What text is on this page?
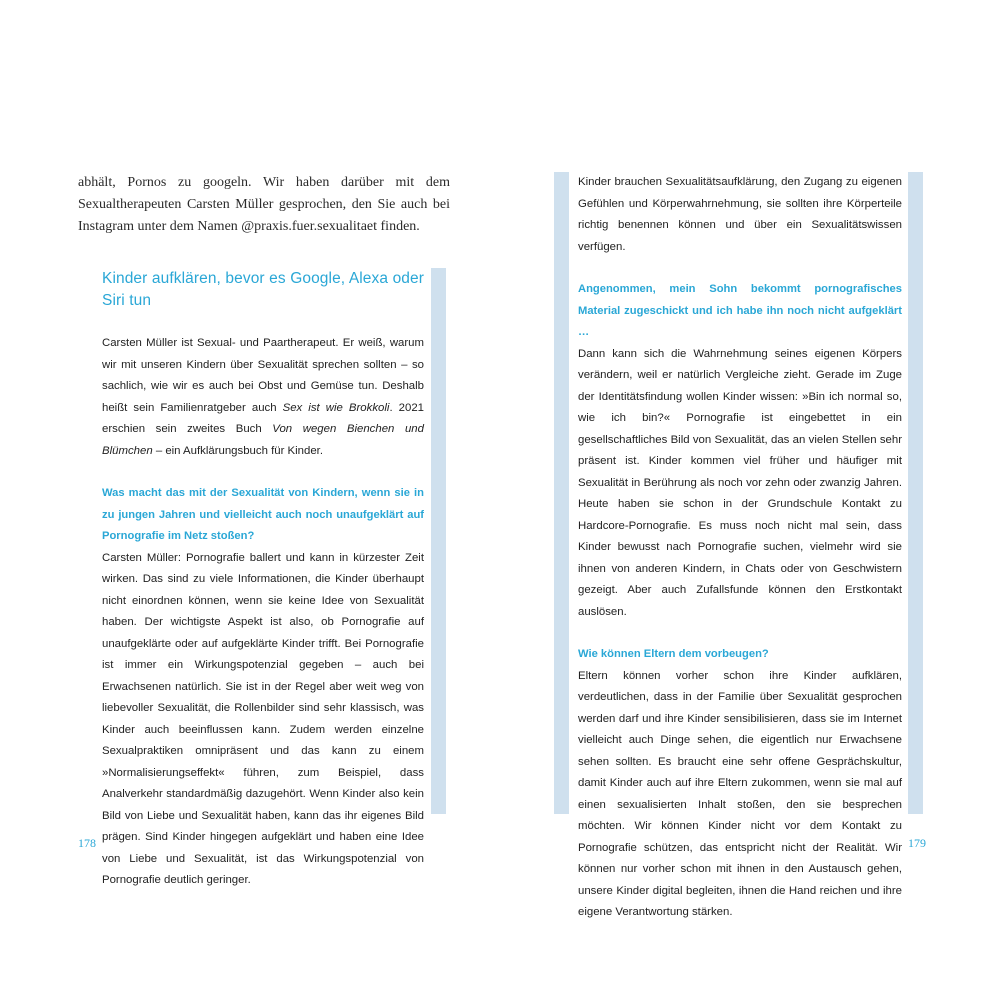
abhält, Pornos zu googeln. Wir haben darüber mit dem Sexualtherapeuten Carsten Müller gesprochen, den Sie auch bei Instagram unter dem Namen @praxis.fuer.sexualitaet finden.

Kinder aufklären, bevor es Google, Alexa oder Siri tun

Carsten Müller ist Sexual- und Paartherapeut. Er weiß, warum wir mit unseren Kindern über Sexualität sprechen sollten – so sachlich, wie wir es auch bei Obst und Gemüse tun. Deshalb heißt sein Familienratgeber auch Sex ist wie Brokkoli. 2021 erschien sein zweites Buch Von wegen Bienchen und Blümchen – ein Aufklärungsbuch für Kinder.

Was macht das mit der Sexualität von Kindern, wenn sie in zu jungen Jahren und vielleicht auch noch unaufgeklärt auf Pornografie im Netz stoßen?

Carsten Müller: Pornografie ballert und kann in kürzester Zeit wirken. Das sind zu viele Informationen, die Kinder überhaupt nicht einordnen können, wenn sie keine Idee von Sexualität haben. Der wichtigste Aspekt ist also, ob Pornografie auf unaufgeklärte oder auf aufgeklärte Kinder trifft. Bei Pornografie ist immer ein Wirkungspotenzial gegeben – auch bei Erwachsenen natürlich. Sie ist in der Regel aber weit weg von liebevoller Sexualität, die Rollenbilder sind sehr klassisch, was Kinder auch beeinflussen kann. Zudem werden einzelne Sexualpraktiken omnipräsent und das kann zu einem »Normalisierungseffekt« führen, zum Beispiel, dass Analverkehr standardmäßig dazugehört. Wenn Kinder also kein Bild von Liebe und Sexualität haben, kann das ihr eigenes Bild prägen. Sind Kinder hingegen aufgeklärt und haben eine Idee von Liebe und Sexualität, ist das Wirkungspotenzial von Pornografie deutlich geringer.

178

Kinder brauchen Sexualitätsaufklärung, den Zugang zu eigenen Gefühlen und Körperwahrnehmung, sie sollten ihre Körperteile richtig benennen können und über ein Sexualitätswissen verfügen.

Angenommen, mein Sohn bekommt pornografisches Material zugeschickt und ich habe ihn noch nicht aufgeklärt …

Dann kann sich die Wahrnehmung seines eigenen Körpers verändern, weil er natürlich Vergleiche zieht. Gerade im Zuge der Identitätsfindung wollen Kinder wissen: »Bin ich normal so, wie ich bin?« Pornografie ist eingebettet in ein gesellschaftliches Bild von Sexualität, das an vielen Stellen sehr präsent ist. Kinder kommen viel früher und häufiger mit Sexualität in Berührung als noch vor zehn oder zwanzig Jahren. Heute haben sie schon in der Grundschule Kontakt zu Hardcore-Pornografie. Es muss noch nicht mal sein, dass Kinder bewusst nach Pornografie suchen, vielmehr wird sie ihnen von anderen Kindern, in Chats oder von Geschwistern gezeigt. Aber auch Zufallsfunde können den Erstkontakt auslösen.

Wie können Eltern dem vorbeugen?

Eltern können vorher schon ihre Kinder aufklären, verdeutlichen, dass in der Familie über Sexualität gesprochen werden darf und ihre Kinder sensibilisieren, dass sie im Internet vielleicht auch Dinge sehen, die eigentlich nur Erwachsene sehen sollten. Es braucht eine sehr offene Gesprächskultur, damit Kinder auch auf ihre Eltern zukommen, wenn sie mal auf einen sexualisierten Inhalt stoßen, den sie besprechen möchten. Wir können Kinder nicht vor dem Kontakt zu Pornografie schützen, das entspricht nicht der Realität. Wir können nur vorher schon mit ihnen in den Austausch gehen, unsere Kinder digital begleiten, ihnen die Hand reichen und ihre eigene Verantwortung stärken.

179
